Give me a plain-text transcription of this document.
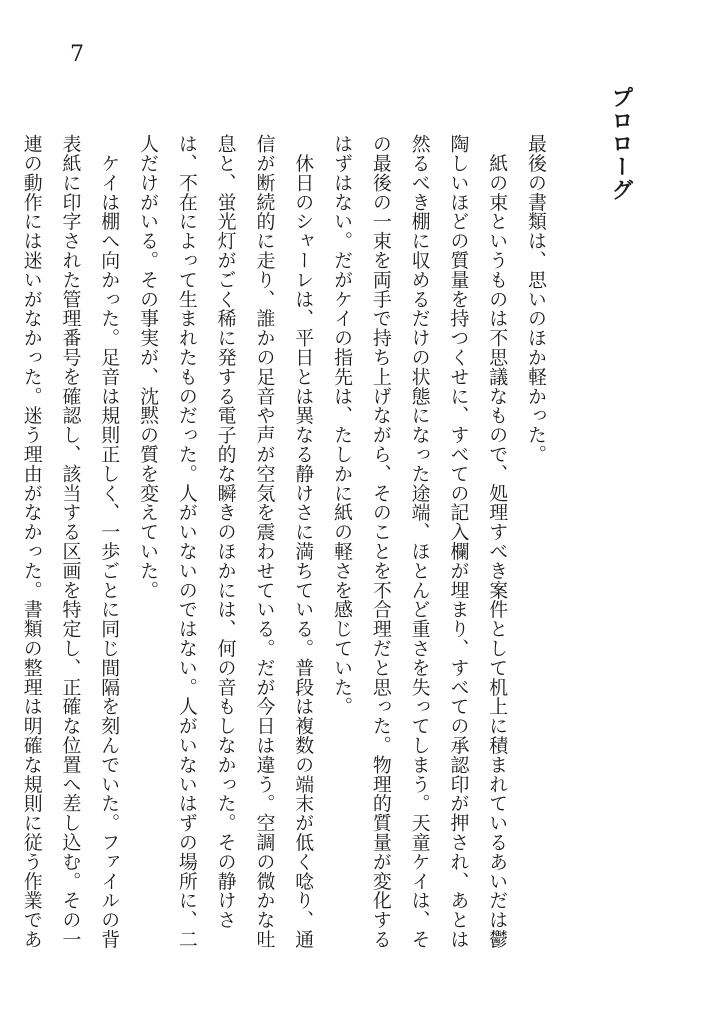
7
プロローグ

最後の書類は、思いのほか軽かった。

　紙の束というものは不思議なもので、処理すべき案件として机上に積まれているあいだは鬱陶しいほどの質量を持つくせに、すべての記入欄が埋まり、すべての承認印が押され、あとは然るべき棚に収めるだけの状態になった途端、ほとんど重さを失ってしまう。天童ケイは、その最後の一束を両手で持ち上げながら、そのことを不合理だと思った。物理的質量が変化するはずはない。だがケイの指先は、たしかに紙の軽さを感じていた。

　休日のシャーレは、平日とは異なる静けさに満ちている。普段は複数の端末が低く唸り、通信が断続的に走り、誰かの足音や声が空気を震わせている。だが今日は違う。空調の微かな吐息と、蛍光灯がごく稀に発する電子的な瞬きのほかには、何の音もしなかった。その静けさは、不在によって生まれたものだった。人がいないのではない。人がいないはずの場所に、二人だけがいる。その事実が、沈黙の質を変えていた。

　ケイは棚へ向かった。足音は規則正しく、一歩ごとに同じ間隔を刻んでいた。ファイルの背表紙に印字された管理番号を確認し、該当する区画を特定し、正確な位置へ差し込む。その一連の動作には迷いがなかった。迷う理由がなかった。書類の整理は明確な規則に従う作業であ
